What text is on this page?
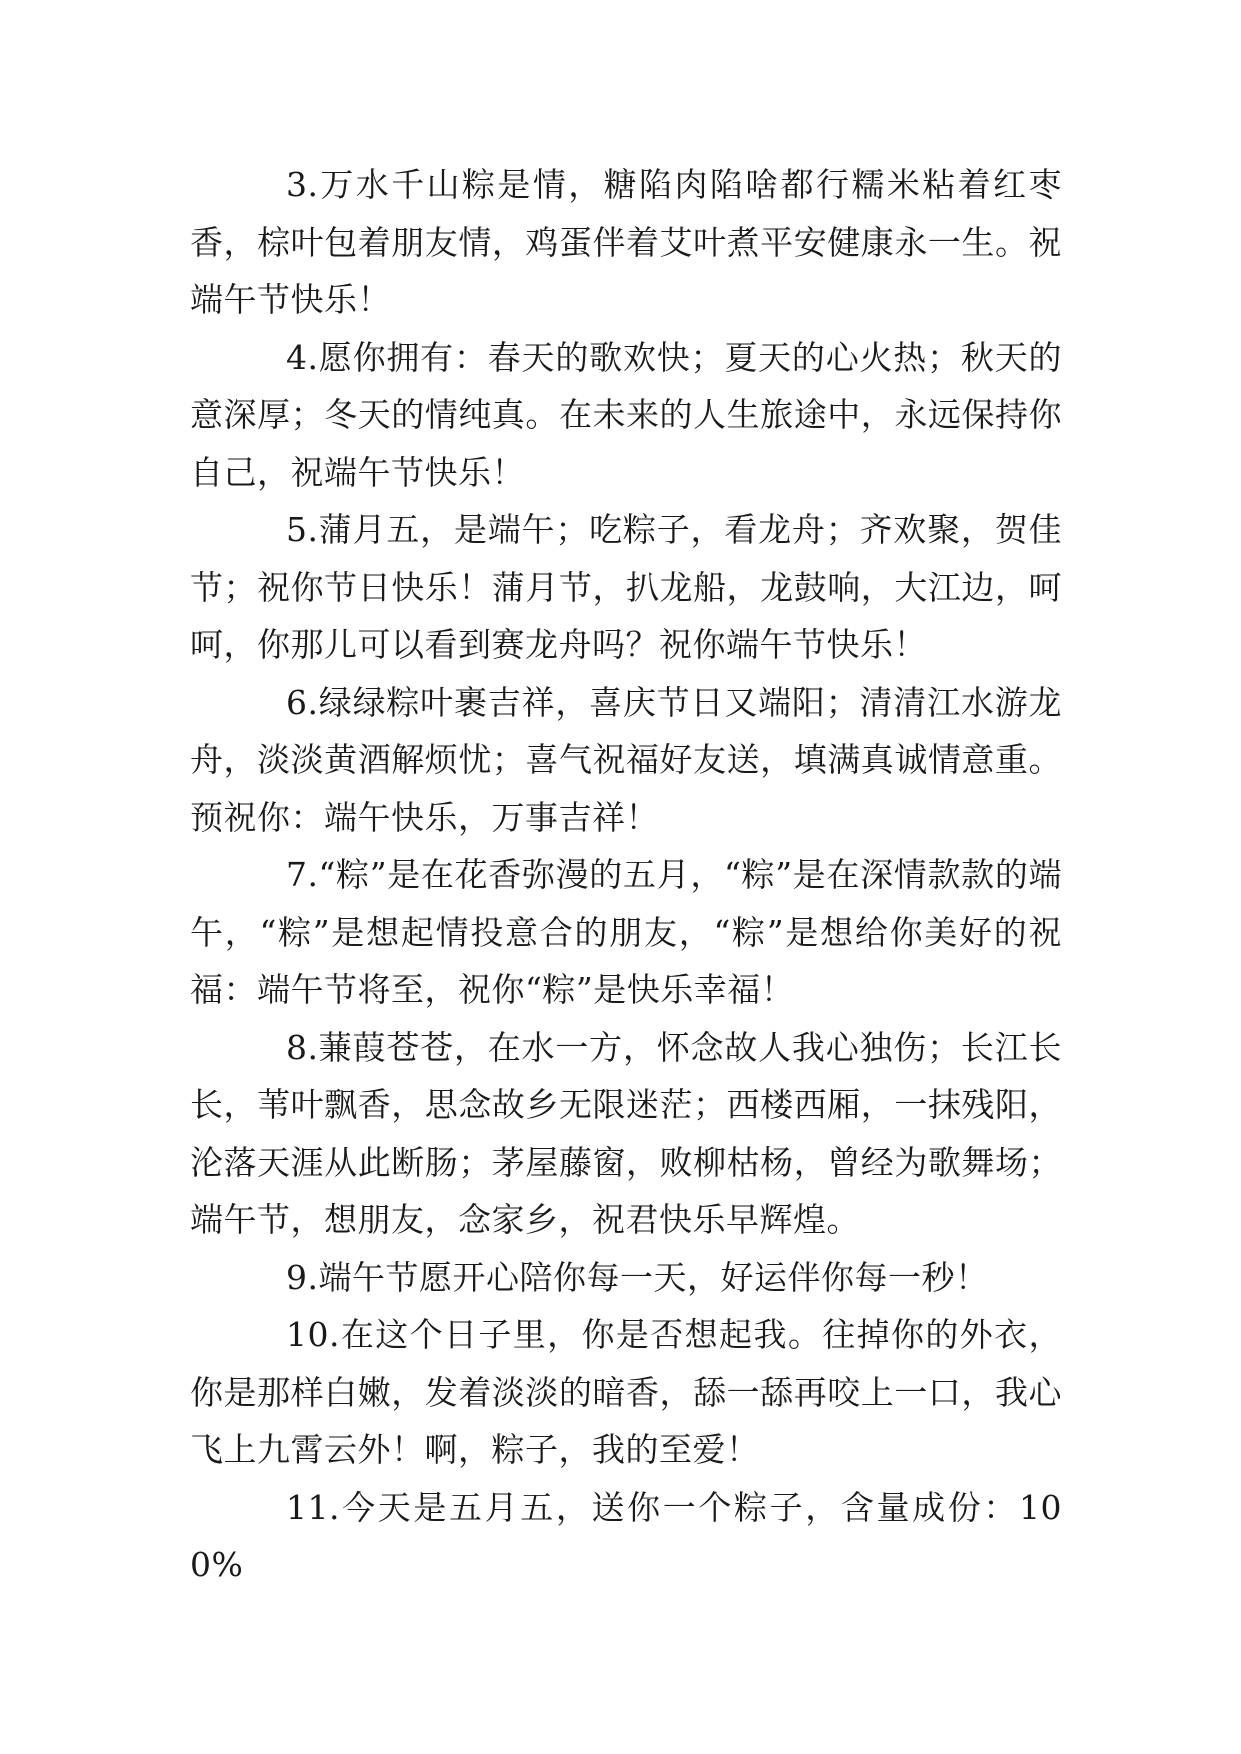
3.万水千山粽是情，糖陷肉陷啥都行糯米粘着红枣香，棕叶包着朋友情，鸡蛋伴着艾叶煮平安健康永一生。祝端午节快乐！

4.愿你拥有：春天的歌欢快；夏天的心火热；秋天的意深厚；冬天的情纯真。在未来的人生旅途中，永远保持你自己，祝端午节快乐！

5.蒲月五，是端午；吃粽子，看龙舟；齐欢聚，贺佳节；祝你节日快乐！蒲月节，扒龙船，龙鼓响，大江边，呵呵，你那儿可以看到赛龙舟吗？祝你端午节快乐！

6.绿绿粽叶裹吉祥，喜庆节日又端阳；清清江水游龙舟，淡淡黄酒解烦忧；喜气祝福好友送，填满真诚情意重。预祝你：端午快乐，万事吉祥！

7.“粽”是在花香弥漫的五月，“粽”是在深情款款的端午，“粽”是想起情投意合的朋友，“粽”是想给你美好的祝福：端午节将至，祝你“粽”是快乐幸福！

8.蒹葭苍苍，在水一方，怀念故人我心独伤；长江长长，苇叶飘香，思念故乡无限迷茫；西楼西厢，一抹残阳，沦落天涯从此断肠；茅屋藤窗，败柳枯杨，曾经为歌舞场；端午节，想朋友，念家乡，祝君快乐早辉煌。

9.端午节愿开心陪你每一天，好运伴你每一秒！

10.在这个日子里，你是否想起我。往掉你的外衣，你是那样白嫩，发着淡淡的暗香，舔一舔再咬上一口，我心飞上九霄云外！啊，粽子，我的至爱！

11.今天是五月五，送你一个粽子，含量成份：100%
